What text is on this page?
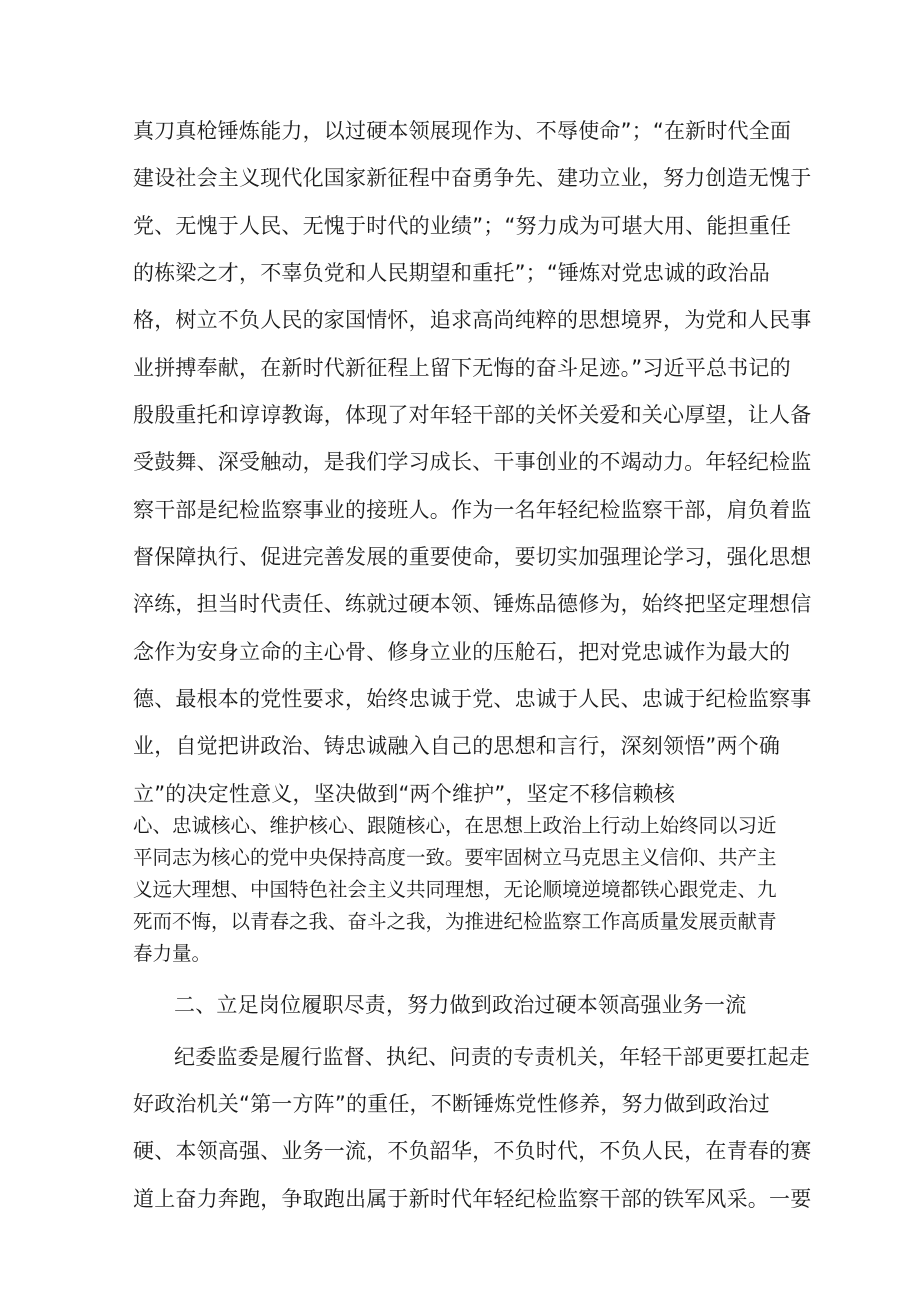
真刀真枪锤炼能力，以过硬本领展现作为、不辱使命”；“在新时代全面
建设社会主义现代化国家新征程中奋勇争先、建功立业，努力创造无愧于
党、无愧于人民、无愧于时代的业绩”；“努力成为可堪大用、能担重任
的栋梁之才，不辜负党和人民期望和重托”；“锤炼对党忠诚的政治品
格，树立不负人民的家国情怀，追求高尚纯粹的思想境界，为党和人民事
业拼搏奉献，在新时代新征程上留下无悔的奋斗足迹。”习近平总书记的
殷殷重托和谆谆教诲，体现了对年轻干部的关怀关爱和关心厚望，让人备
受鼓舞、深受触动，是我们学习成长、干事创业的不竭动力。年轻纪检监
察干部是纪检监察事业的接班人。作为一名年轻纪检监察干部，肩负着监
督保障执行、促进完善发展的重要使命，要切实加强理论学习，强化思想
淬练，担当时代责任、练就过硬本领、锤炼品德修为，始终把坚定理想信
念作为安身立命的主心骨、修身立业的压舱石，把对党忠诚作为最大的
德、最根本的党性要求，始终忠诚于党、忠诚于人民、忠诚于纪检监察事
业，自觉把讲政治、铸忠诚融入自己的思想和言行，深刻领悟”两个确
立”的决定性意义，坚决做到“两个维护”，坚定不移信赖核
心、忠诚核心、维护核心、跟随核心，在思想上政治上行动上始终同以习近
平同志为核心的党中央保持高度一致。要牢固树立马克思主义信仰、共产主
义远大理想、中国特色社会主义共同理想，无论顺境逆境都铁心跟党走、九
死而不悔，以青春之我、奋斗之我，为推进纪检监察工作高质量发展贡献青
春力量。
二、立足岗位履职尽责，努力做到政治过硬本领高强业务一流
纪委监委是履行监督、执纪、问责的专责机关，年轻干部更要扛起走
好政治机关“第一方阵”的重任，不断锤炼党性修养，努力做到政治过
硬、本领高强、业务一流，不负韶华，不负时代，不负人民，在青春的赛
道上奋力奔跑，争取跑出属于新时代年轻纪检监察干部的铁军风采。一要
